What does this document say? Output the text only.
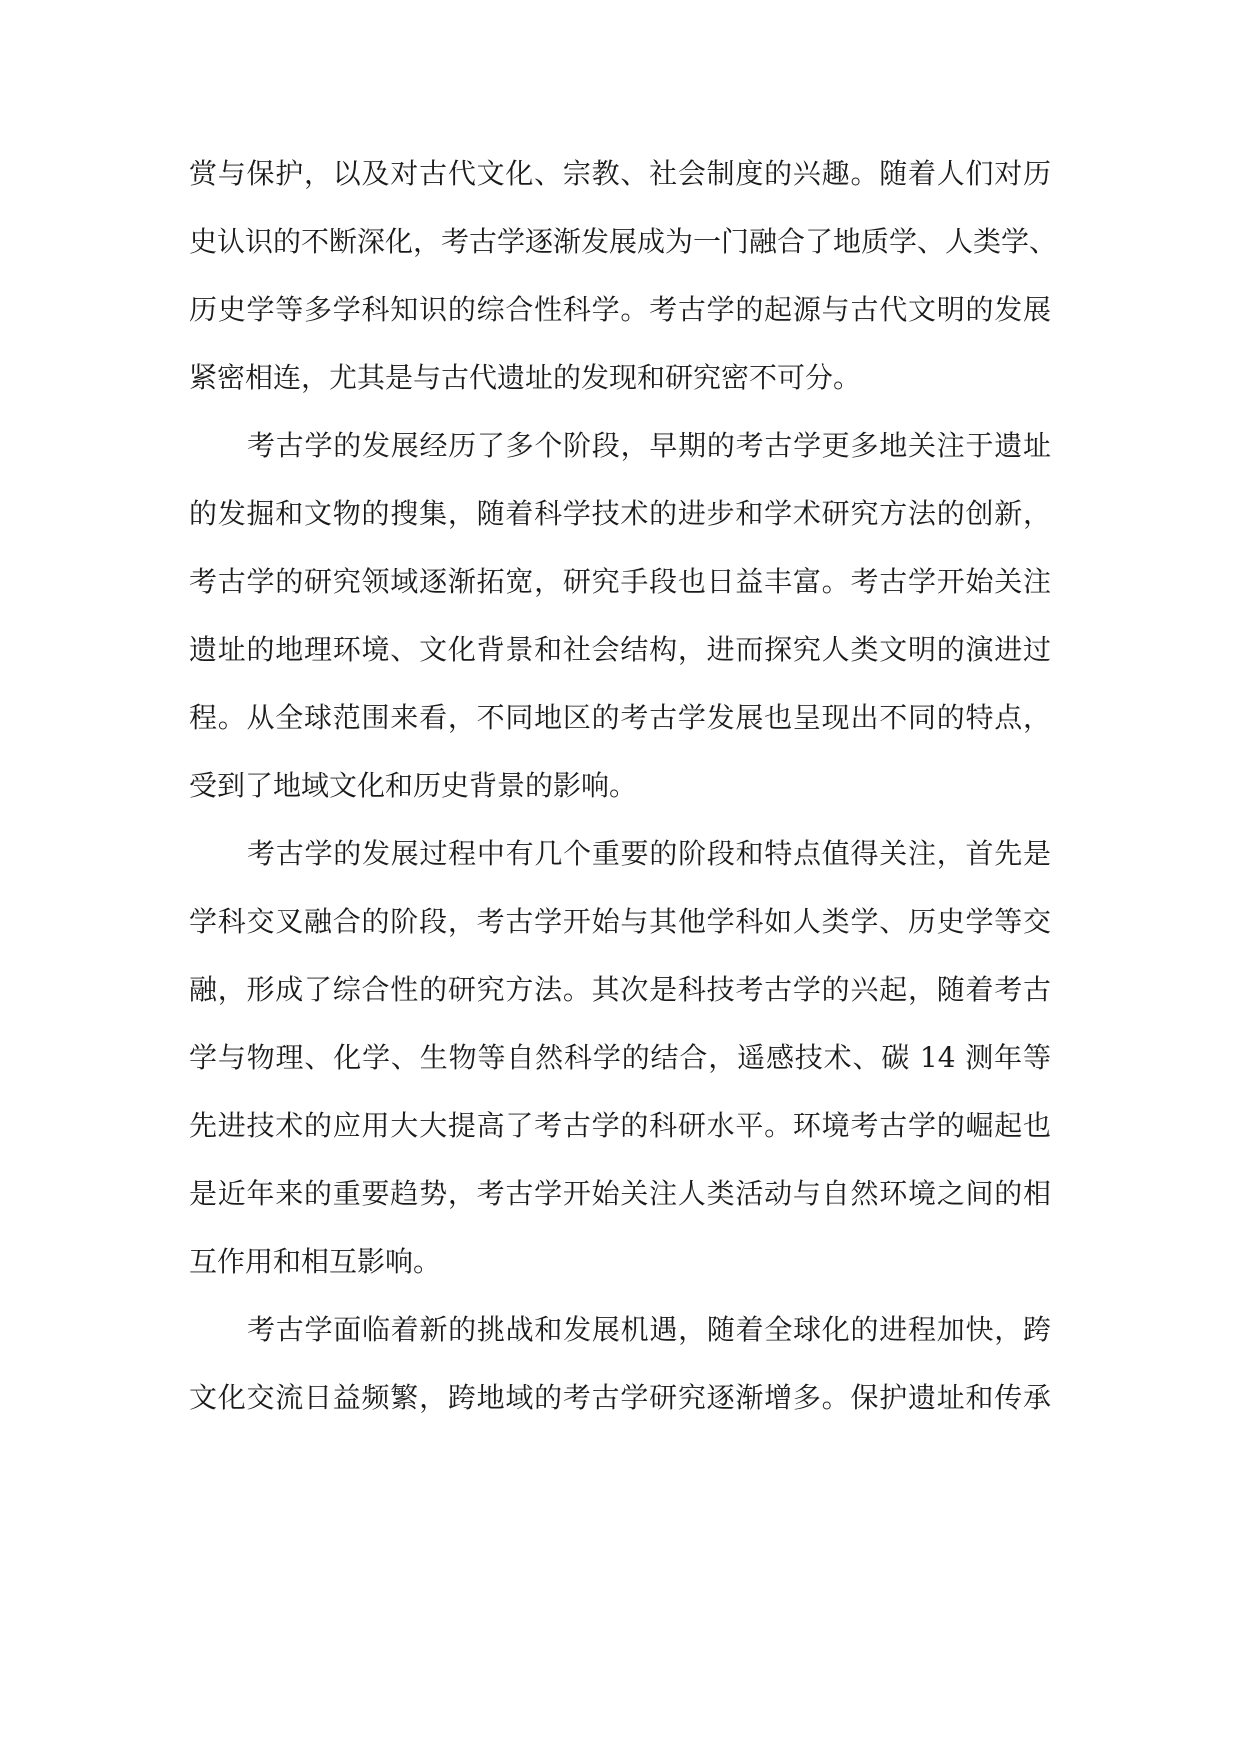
赏与保护，以及对古代文化、宗教、社会制度的兴趣。随着人们对历
史认识的不断深化，考古学逐渐发展成为一门融合了地质学、人类学、
历史学等多学科知识的综合性科学。考古学的起源与古代文明的发展
紧密相连，尤其是与古代遗址的发现和研究密不可分。
考古学的发展经历了多个阶段，早期的考古学更多地关注于遗址
的发掘和文物的搜集，随着科学技术的进步和学术研究方法的创新，
考古学的研究领域逐渐拓宽，研究手段也日益丰富。考古学开始关注
遗址的地理环境、文化背景和社会结构，进而探究人类文明的演进过
程。从全球范围来看，不同地区的考古学发展也呈现出不同的特点，
受到了地域文化和历史背景的影响。
考古学的发展过程中有几个重要的阶段和特点值得关注，首先是
学科交叉融合的阶段，考古学开始与其他学科如人类学、历史学等交
融，形成了综合性的研究方法。其次是科技考古学的兴起，随着考古
学与物理、化学、生物等自然科学的结合，遥感技术、碳 14 测年等
先进技术的应用大大提高了考古学的科研水平。环境考古学的崛起也
是近年来的重要趋势，考古学开始关注人类活动与自然环境之间的相
互作用和相互影响。
考古学面临着新的挑战和发展机遇，随着全球化的进程加快，跨
文化交流日益频繁，跨地域的考古学研究逐渐增多。保护遗址和传承
